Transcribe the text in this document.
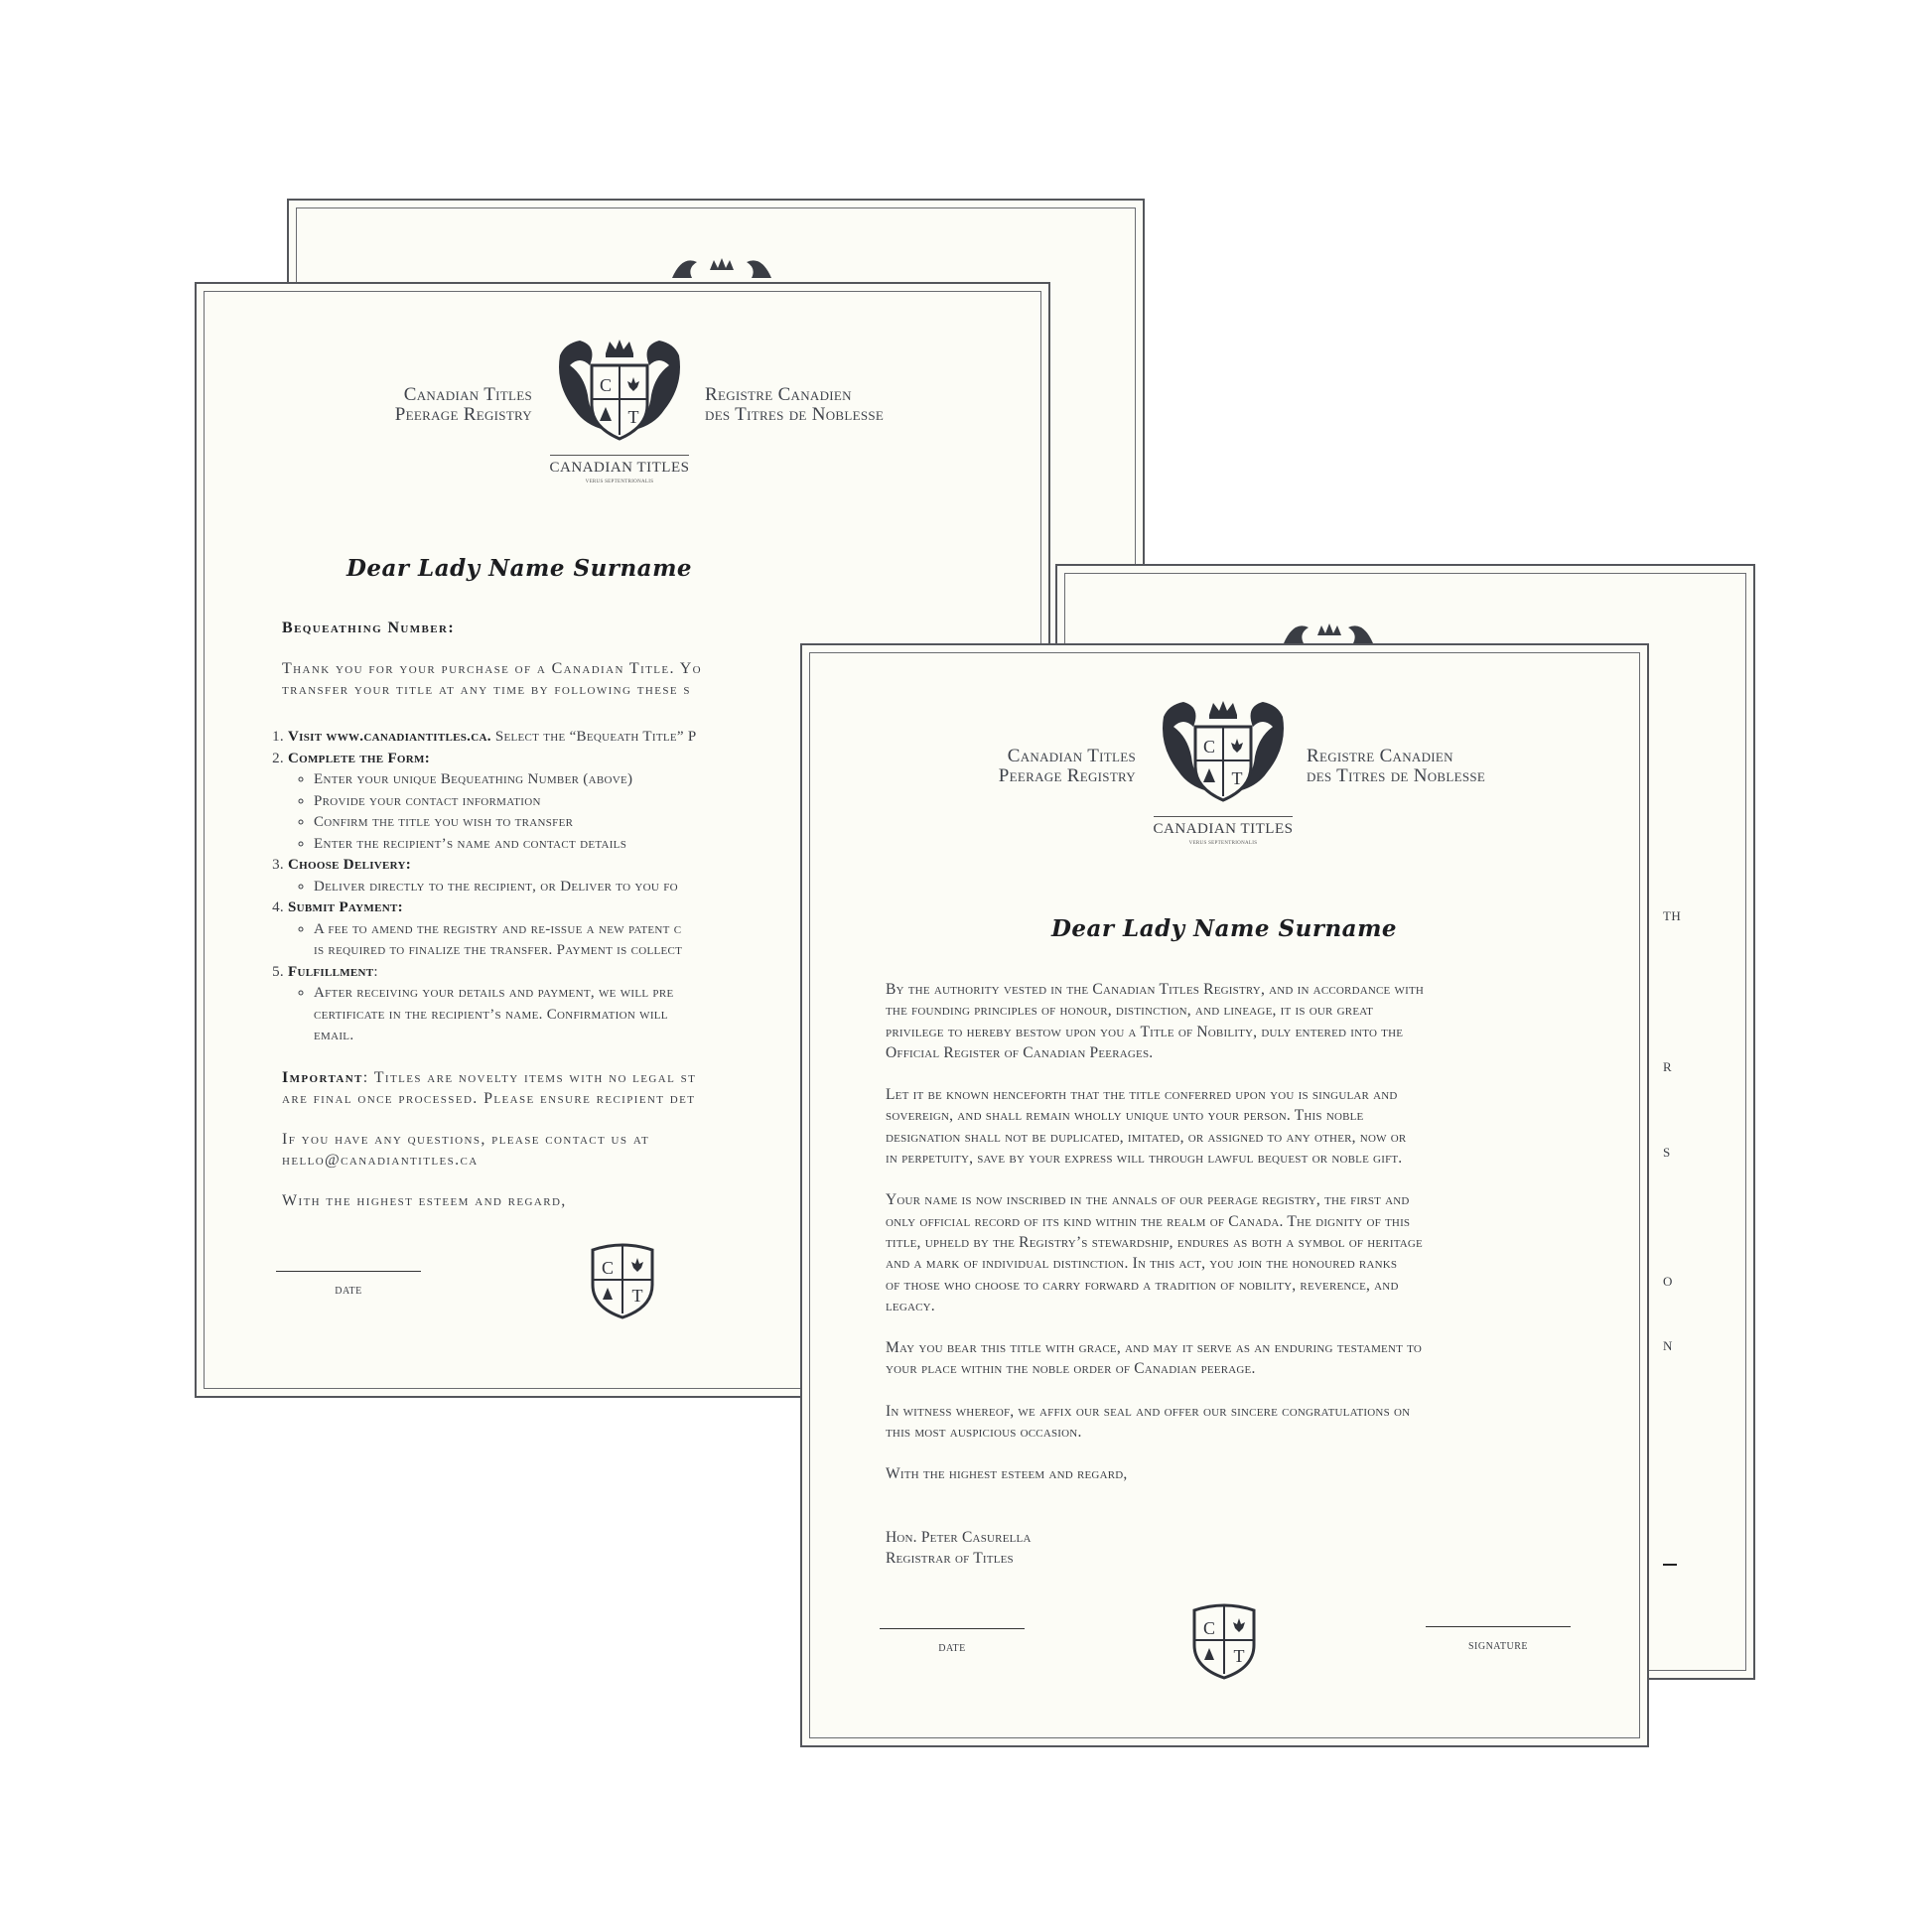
TH
R
S
O
N
Canadian Titles
Peerage Registry
C
T
CANADIAN TITLES
VERUS SEPTENTRIONALIS
Registre Canadien
des Titres de Noblesse
Dear Lady Name Surname

Bequeathing Number:

Thank you for your purchase of a Canadian Title. Yo

transfer your title at any time by following these s

1. Visit www.canadiantitles.ca. Select the “Bequeath Title” P
2. Complete the Form:
◦ Enter your unique Bequeathing Number (above)
◦ Provide your contact information
◦ Confirm the title you wish to transfer
◦ Enter the recipient’s name and contact details
3. Choose Delivery:
◦ Deliver directly to the recipient, or Deliver to you fo
4. Submit Payment:
◦ A fee to amend the registry and re-issue a new patent c
is required to finalize the transfer. Payment is collect
5. Fulfillment:
◦ After receiving your details and payment, we will pre
certificate in the recipient’s name. Confirmation will
email.

Important: Titles are novelty items with no legal st

are final once processed. Please ensure recipient det

If you have any questions, please contact us at

hello@canadiantitles.ca

With the highest esteem and regard,

date
C
T
Canadian Titles
Peerage Registry
C
T
CANADIAN TITLES
VERUS SEPTENTRIONALIS
Registre Canadien
des Titres de Noblesse
Dear Lady Name Surname

By the authority vested in the Canadian Titles Registry, and in accordance with
the founding principles of honour, distinction, and lineage, it is our great
privilege to hereby bestow upon you a Title of Nobility, duly entered into the
Official Register of Canadian Peerages.

Let it be known henceforth that the title conferred upon you is singular and
sovereign, and shall remain wholly unique unto your person. This noble
designation shall not be duplicated, imitated, or assigned to any other, now or
in perpetuity, save by your express will through lawful bequest or noble gift.

Your name is now inscribed in the annals of our peerage registry, the first and
only official record of its kind within the realm of Canada. The dignity of this
title, upheld by the Registry’s stewardship, endures as both a symbol of heritage
and a mark of individual distinction. In this act, you join the honoured ranks
of those who choose to carry forward a tradition of nobility, reverence, and
legacy.

May you bear this title with grace, and may it serve as an enduring testament to
your place within the noble order of Canadian peerage.

In witness whereof, we affix our seal and offer our sincere congratulations on
this most auspicious occasion.

With the highest esteem and regard,

Hon. Peter Casurella
Registrar of Titles

date
C
T
signature
